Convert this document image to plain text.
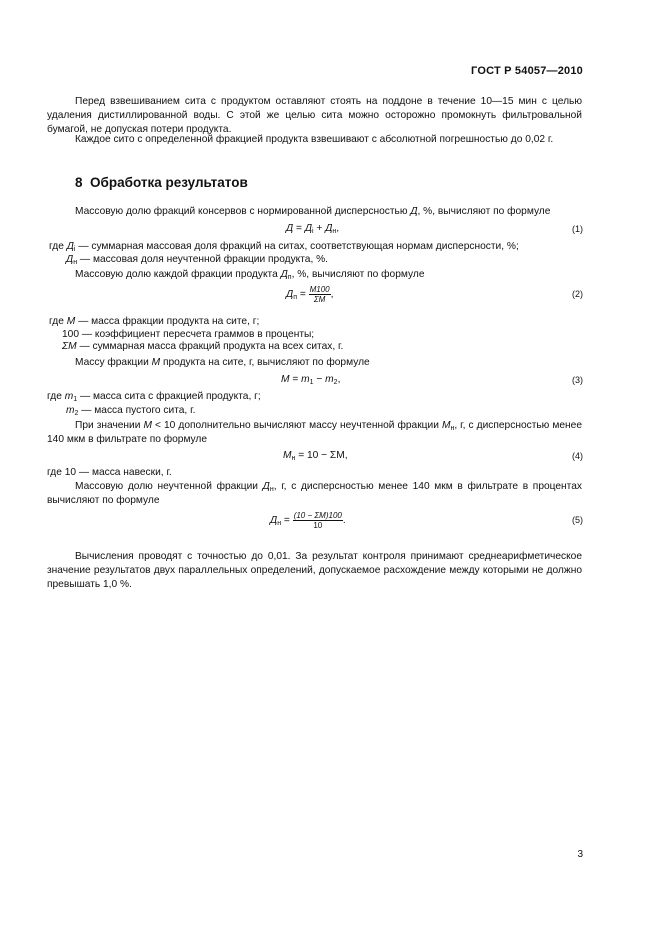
ГОСТ Р 54057—2010
Перед взвешиванием сита с продуктом оставляют стоять на поддоне в течение 10—15 мин с целью удаления дистиллированной воды. С этой же целью сита можно осторожно промокнуть фильтровальной бумагой, не допуская потери продукта.
Каждое сито с определенной фракцией продукта взвешивают с абсолютной погрешностью до 0,02 г.
8 Обработка результатов
Массовую долю фракций консервов с нормированной дисперсностью Д, %, вычисляют по формуле
$Д = Д_i + Д_н$,	(1)
где $Д_i$ — суммарная массовая доля фракций на ситах, соответствующая нормам дисперсности, %;
$Д_н$ — массовая доля неучтенной фракции продукта, %.
Массовую долю каждой фракции продукта $Д_п$, %, вычисляют по формуле
$Д_п = \frac{M100}{\Sigma M}$ ,	(2)
где M — масса фракции продукта на сите, г;
100 — коэффициент пересчета граммов в проценты;
ΣM — суммарная масса фракций продукта на всех ситах, г.
Массу фракции M продукта на сите, г, вычисляют по формуле
$M = m_1 - m_2$,	(3)
где $m_1$ — масса сита с фракцией продукта, г;
$m_2$ — масса пустого сита, г.
При значении M < 10 дополнительно вычисляют массу неучтенной фракции $M_н$, г, с дисперсностью менее 140 мкм в фильтрате по формуле
$M_н = 10 - \Sigma M$,	(4)
где 10 — масса навески, г.
Массовую долю неучтенной фракции $Д_н$, г, с дисперсностью менее 140 мкм в фильтрате в процентах вычисляют по формуле
$Д_н = \frac{(10 - \Sigma M)100}{10}$ .	(5)
Вычисления проводят с точностью до 0,01. За результат контроля принимают среднеарифметическое значение результатов двух параллельных определений, допускаемое расхождение между которыми не должно превышать 1,0 %.
3
